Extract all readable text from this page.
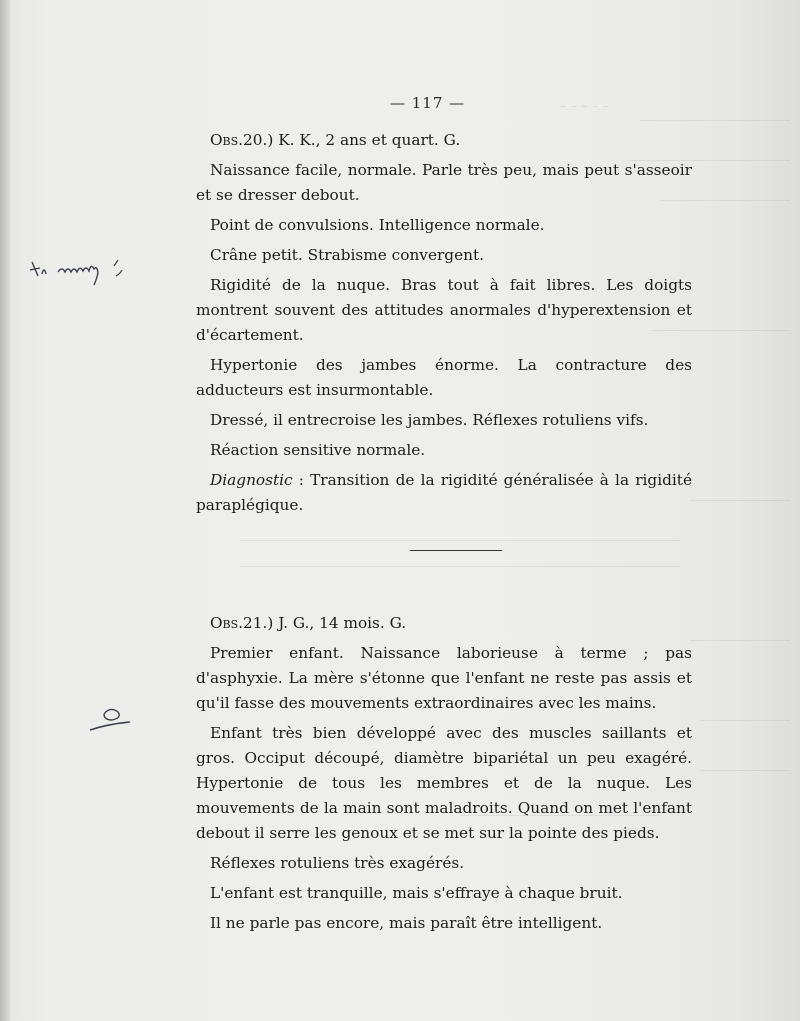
– – – – –
— 117 —

Obs.20.) K. K., 2 ans et quart. G.

Naissance facile, normale. Parle très peu, mais peut s'asseoir et se dresser debout.

Point de convulsions. Intelligence normale.

Crâne petit. Strabisme convergent.

Rigidité de la nuque. Bras tout à fait libres. Les doigts montrent souvent des attitudes anormales d'hyperextension et d'écartement.

Hypertonie des jambes énorme. La contracture des adducteurs est insurmontable.

Dressé, il entrecroise les jambes. Réflexes rotuliens vifs.

Réaction sensitive normale.

Diagnostic : Transition de la rigidité généralisée à la rigidité paraplégique.

Obs.21.) J. G., 14 mois. G.

Premier enfant. Naissance laborieuse à terme ; pas d'asphyxie. La mère s'étonne que l'enfant ne reste pas assis et qu'il fasse des mouvements extraordinaires avec les mains.

Enfant très bien développé avec des muscles saillants et gros. Occiput découpé, diamètre bipariétal un peu exagéré. Hypertonie de tous les membres et de la nuque. Les mouvements de la main sont maladroits. Quand on met l'enfant debout il serre les genoux et se met sur la pointe des pieds.

Réflexes rotuliens très exagérés.

L'enfant est tranquille, mais s'effraye à chaque bruit.

Il ne parle pas encore, mais paraît être intelligent.
